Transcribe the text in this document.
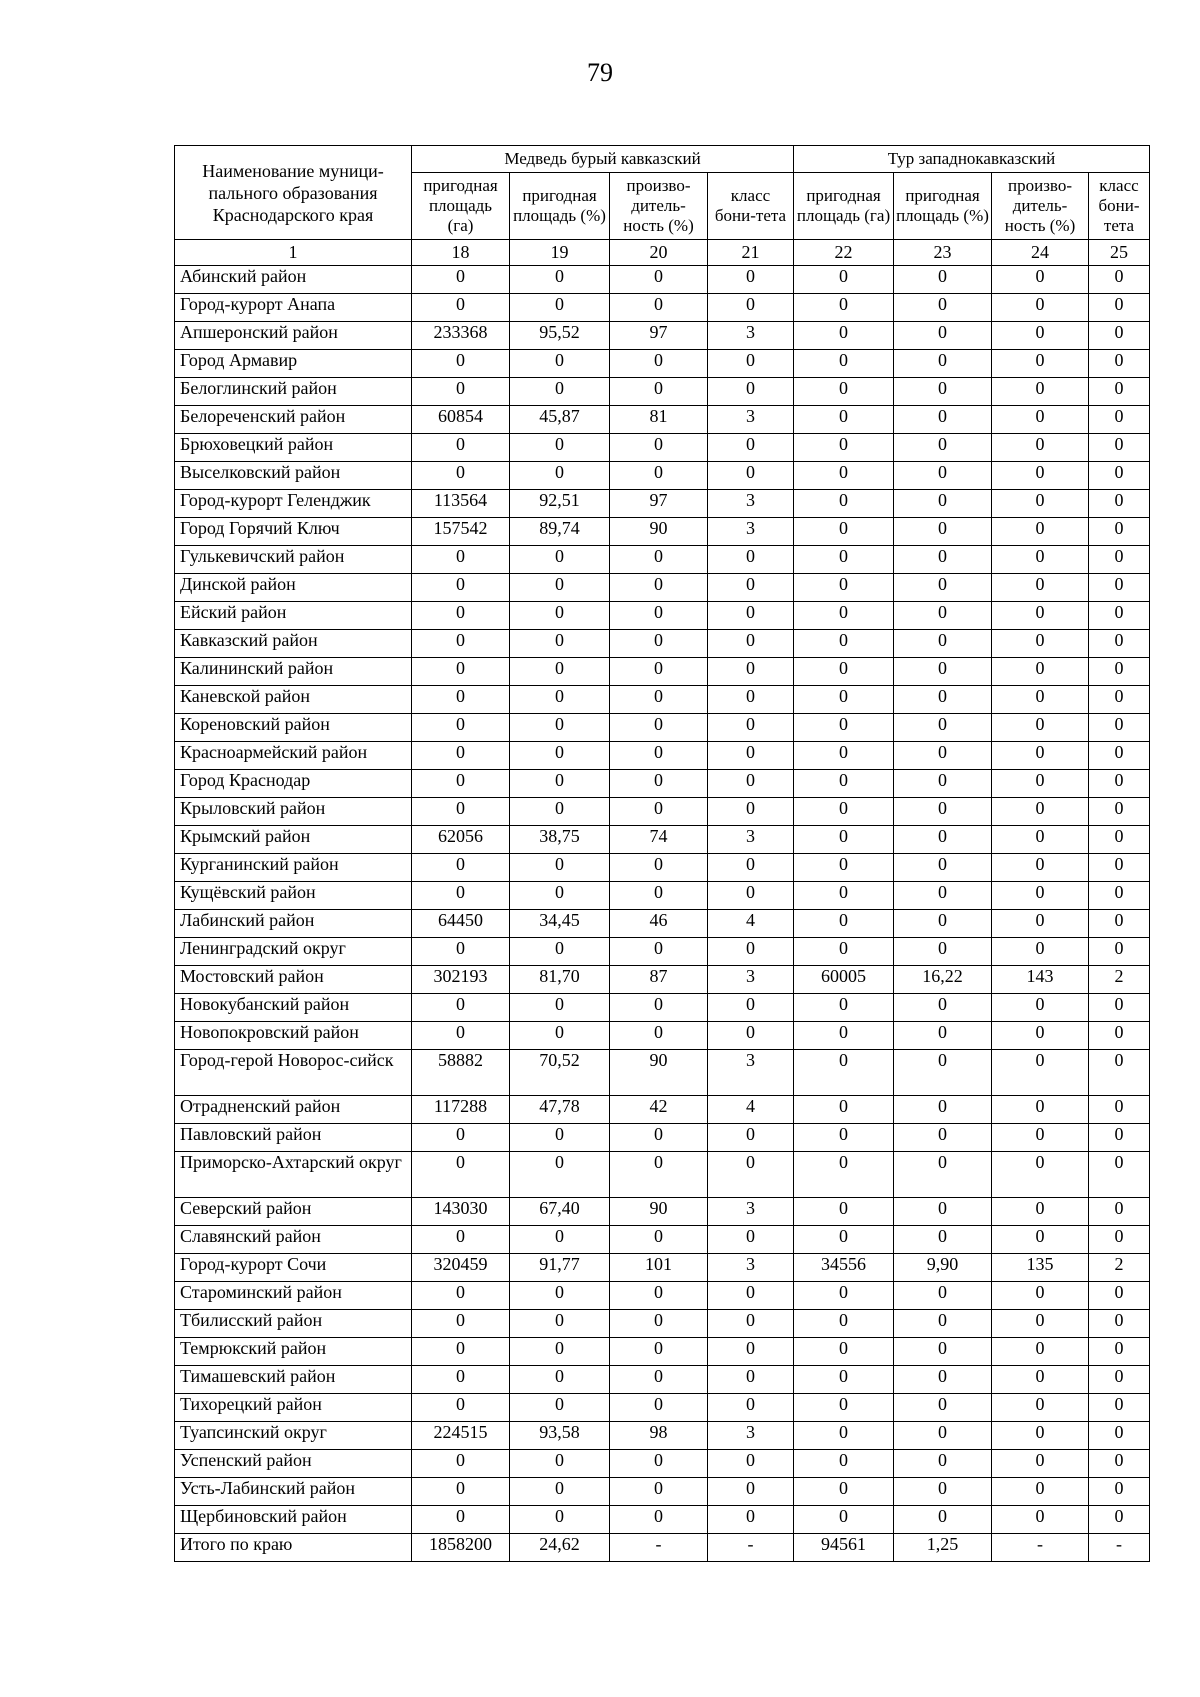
79
Наименование муници-пального образования Краснодарского края	Медведь бурый кавказский				Тур западнокавказский			
	пригодная площадь (га)	пригодная площадь (%)	произво-дитель-ность (%)	класс бони-тета	пригодная площадь (га)	пригодная площадь (%)	произво-дитель-ность (%)	класс бони-тета
1	18	19	20	21	22	23	24	25
Абинский район	0	0	0	0	0	0	0	0
Город-курорт Анапа	0	0	0	0	0	0	0	0
Апшеронский район	233368	95,52	97	3	0	0	0	0
Город Армавир	0	0	0	0	0	0	0	0
Белоглинский район	0	0	0	0	0	0	0	0
Белореченский район	60854	45,87	81	3	0	0	0	0
Брюховецкий район	0	0	0	0	0	0	0	0
Выселковский район	0	0	0	0	0	0	0	0
Город-курорт Геленджик	113564	92,51	97	3	0	0	0	0
Город Горячий Ключ	157542	89,74	90	3	0	0	0	0
Гулькевичский район	0	0	0	0	0	0	0	0
Динской район	0	0	0	0	0	0	0	0
Ейский район	0	0	0	0	0	0	0	0
Кавказский район	0	0	0	0	0	0	0	0
Калининский район	0	0	0	0	0	0	0	0
Каневской район	0	0	0	0	0	0	0	0
Кореновский район	0	0	0	0	0	0	0	0
Красноармейский район	0	0	0	0	0	0	0	0
Город Краснодар	0	0	0	0	0	0	0	0
Крыловский район	0	0	0	0	0	0	0	0
Крымский район	62056	38,75	74	3	0	0	0	0
Курганинский район	0	0	0	0	0	0	0	0
Кущёвский район	0	0	0	0	0	0	0	0
Лабинский район	64450	34,45	46	4	0	0	0	0
Ленинградский округ	0	0	0	0	0	0	0	0
Мостовский район	302193	81,70	87	3	60005	16,22	143	2
Новокубанский район	0	0	0	0	0	0	0	0
Новопокровский район	0	0	0	0	0	0	0	0
Город-герой Новорос-сийск	58882	70,52	90	3	0	0	0	0
Отрадненский район	117288	47,78	42	4	0	0	0	0
Павловский район	0	0	0	0	0	0	0	0
Приморско-Ахтарский округ	0	0	0	0	0	0	0	0
Северский район	143030	67,40	90	3	0	0	0	0
Славянский район	0	0	0	0	0	0	0	0
Город-курорт Сочи	320459	91,77	101	3	34556	9,90	135	2
Староминский район	0	0	0	0	0	0	0	0
Тбилисский район	0	0	0	0	0	0	0	0
Темрюкский район	0	0	0	0	0	0	0	0
Тимашевский район	0	0	0	0	0	0	0	0
Тихорецкий район	0	0	0	0	0	0	0	0
Туапсинский округ	224515	93,58	98	3	0	0	0	0
Успенский район	0	0	0	0	0	0	0	0
Усть-Лабинский район	0	0	0	0	0	0	0	0
Щербиновский район	0	0	0	0	0	0	0	0
Итого по краю	1858200	24,62	-	-	94561	1,25	-	-
